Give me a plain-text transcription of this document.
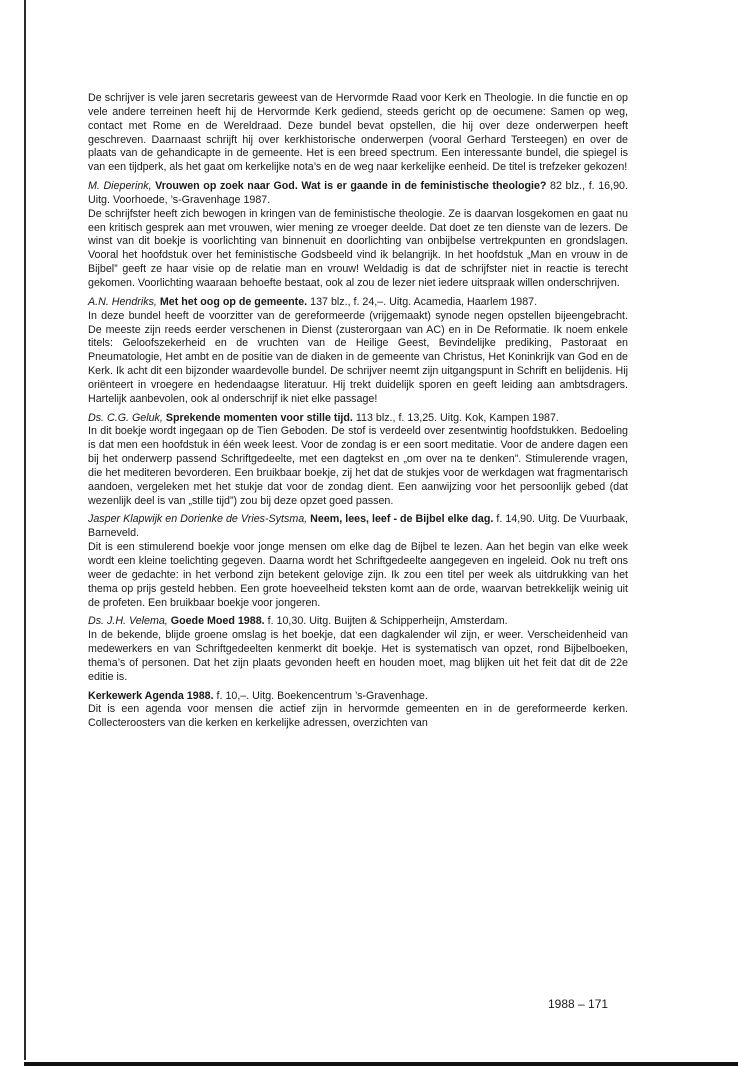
De schrijver is vele jaren secretaris geweest van de Hervormde Raad voor Kerk en Theologie. In die functie en op vele andere terreinen heeft hij de Hervormde Kerk gediend, steeds gericht op de oecumene: Samen op weg, contact met Rome en de Wereldraad. Deze bundel bevat opstellen, die hij over deze onderwerpen heeft geschreven. Daarnaast schrijft hij over kerkhistorische onderwerpen (vooral Gerhard Tersteegen) en over de plaats van de gehandicapte in de gemeente. Het is een breed spectrum. Een interessante bundel, die spiegel is van een tijdperk, als het gaat om kerkelijke nota’s en de weg naar kerkelijke eenheid. De titel is trefzeker gekozen!

M. Dieperink, Vrouwen op zoek naar God. Wat is er gaande in de feministische theologie? 82 blz., f. 16,90. Uitg. Voorhoede, ’s-Gravenhage 1987.
De schrijfster heeft zich bewogen in kringen van de feministische theologie. Ze is daarvan losgekomen en gaat nu een kritisch gesprek aan met vrouwen, wier mening ze vroeger deelde. Dat doet ze ten dienste van de lezers. De winst van dit boekje is voorlichting van binnenuit en doorlichting van onbijbelse vertrekpunten en grondslagen. Vooral het hoofdstuk over het feministische Godsbeeld vind ik belangrijk. In het hoofdstuk „Man en vrouw in de Bijbel” geeft ze haar visie op de relatie man en vrouw! Weldadig is dat de schrijfster niet in reactie is terecht gekomen. Voorlichting waaraan behoefte bestaat, ook al zou de lezer niet iedere uitspraak willen onderschrijven.
A.N. Hendriks, Met het oog op de gemeente. 137 blz., f. 24,–. Uitg. Acamedia, Haarlem 1987.
In deze bundel heeft de voorzitter van de gereformeerde (vrijgemaakt) synode negen opstellen bijeengebracht. De meeste zijn reeds eerder verschenen in Dienst (zusterorgaan van AC) en in De Reformatie. Ik noem enkele titels: Geloofszekerheid en de vruchten van de Heilige Geest, Bevindelijke prediking, Pastoraat en Pneumatologie, Het ambt en de positie van de diaken in de gemeente van Christus, Het Koninkrijk van God en de Kerk. Ik acht dit een bijzonder waardevolle bundel. De schrijver neemt zijn uitgangspunt in Schrift en belijdenis. Hij oriënteert in vroegere en hedendaagse literatuur. Hij trekt duidelijk sporen en geeft leiding aan ambtsdragers. Hartelijk aanbevolen, ook al onderschrijf ik niet elke passage!
Ds. C.G. Geluk, Sprekende momenten voor stille tijd. 113 blz., f. 13,25. Uitg. Kok, Kampen 1987.
In dit boekje wordt ingegaan op de Tien Geboden. De stof is verdeeld over zesentwintig hoofdstukken. Bedoeling is dat men een hoofdstuk in één week leest. Voor de zondag is er een soort meditatie. Voor de andere dagen een bij het onderwerp passend Schriftgedeelte, met een dagtekst en „om over na te denken”. Stimulerende vragen, die het mediteren bevorderen. Een bruikbaar boekje, zij het dat de stukjes voor de werkdagen wat fragmentarisch aandoen, vergeleken met het stukje dat voor de zondag dient. Een aanwijzing voor het persoonlijk gebed (dat wezenlijk deel is van „stille tijd”) zou bij deze opzet goed passen.
Jasper Klapwijk en Dorienke de Vries-Sytsma, Neem, lees, leef - de Bijbel elke dag. f. 14,90. Uitg. De Vuurbaak, Barneveld.
Dit is een stimulerend boekje voor jonge mensen om elke dag de Bijbel te lezen. Aan het begin van elke week wordt een kleine toelichting gegeven. Daarna wordt het Schriftgedeelte aangegeven en ingeleid. Ook nu treft ons weer de gedachte: in het verbond zijn betekent gelovige zijn. Ik zou een titel per week als uitdrukking van het thema op prijs gesteld hebben. Een grote hoeveelheid teksten komt aan de orde, waarvan betrekkelijk weinig uit de profeten. Een bruikbaar boekje voor jongeren.
Ds. J.H. Velema, Goede Moed 1988. f. 10,30. Uitg. Buijten & Schipperheijn, Amsterdam.
In de bekende, blijde groene omslag is het boekje, dat een dagkalender wil zijn, er weer. Verscheidenheid van medewerkers en van Schriftgedeelten kenmerkt dit boekje. Het is systematisch van opzet, rond Bijbelboeken, thema’s of personen. Dat het zijn plaats gevonden heeft en houden moet, mag blijken uit het feit dat dit de 22e editie is.
Kerkewerk Agenda 1988. f. 10,–. Uitg. Boekencentrum ’s-Gravenhage.
Dit is een agenda voor mensen die actief zijn in hervormde gemeenten en in de gereformeerde kerken. Collecteroosters van die kerken en kerkelijke adressen, overzichten van
1988 – 171
